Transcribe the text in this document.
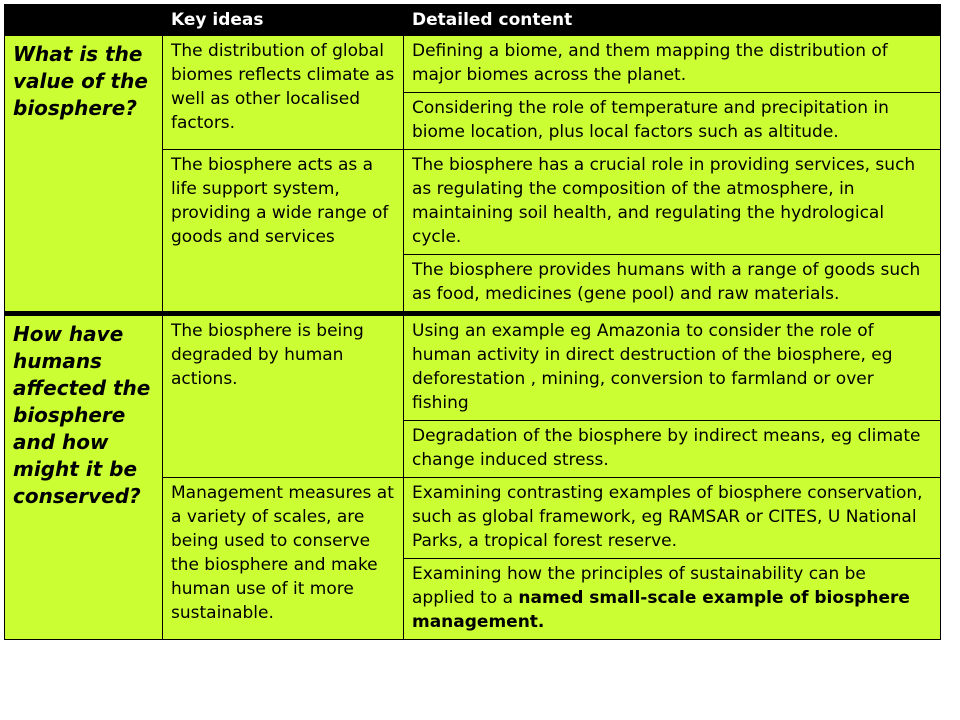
	Key ideas	Detailed content
What is the value of the biosphere?	The distribution of global biomes reflects climate as well as other localised factors.	Defining a biome, and them mapping the distribution of major biomes across the planet.
		Considering the role of temperature and precipitation in biome location, plus local factors such as altitude.
	The biosphere acts as a life support system, providing a wide range of goods and services	The biosphere has a crucial role in providing services, such as regulating the composition of the atmosphere, in maintaining soil health, and regulating the hydrological cycle.
		The biosphere provides humans with a range of goods such as food, medicines (gene pool) and raw materials.
How have humans affected the biosphere and how might it be conserved?	The biosphere is being degraded by human actions.	Using an example eg Amazonia to consider the role of human activity in direct destruction of the biosphere, eg deforestation , mining, conversion to farmland or over fishing
		Degradation of the biosphere by indirect means, eg climate change induced stress.
	Management measures at a variety of scales, are being used to conserve the biosphere and make human use of it more sustainable.	Examining contrasting examples of biosphere conservation, such as global framework, eg RAMSAR or CITES, U National Parks, a tropical forest reserve.
		Examining how the principles of sustainability can be applied to a named small-scale example of biosphere management.
